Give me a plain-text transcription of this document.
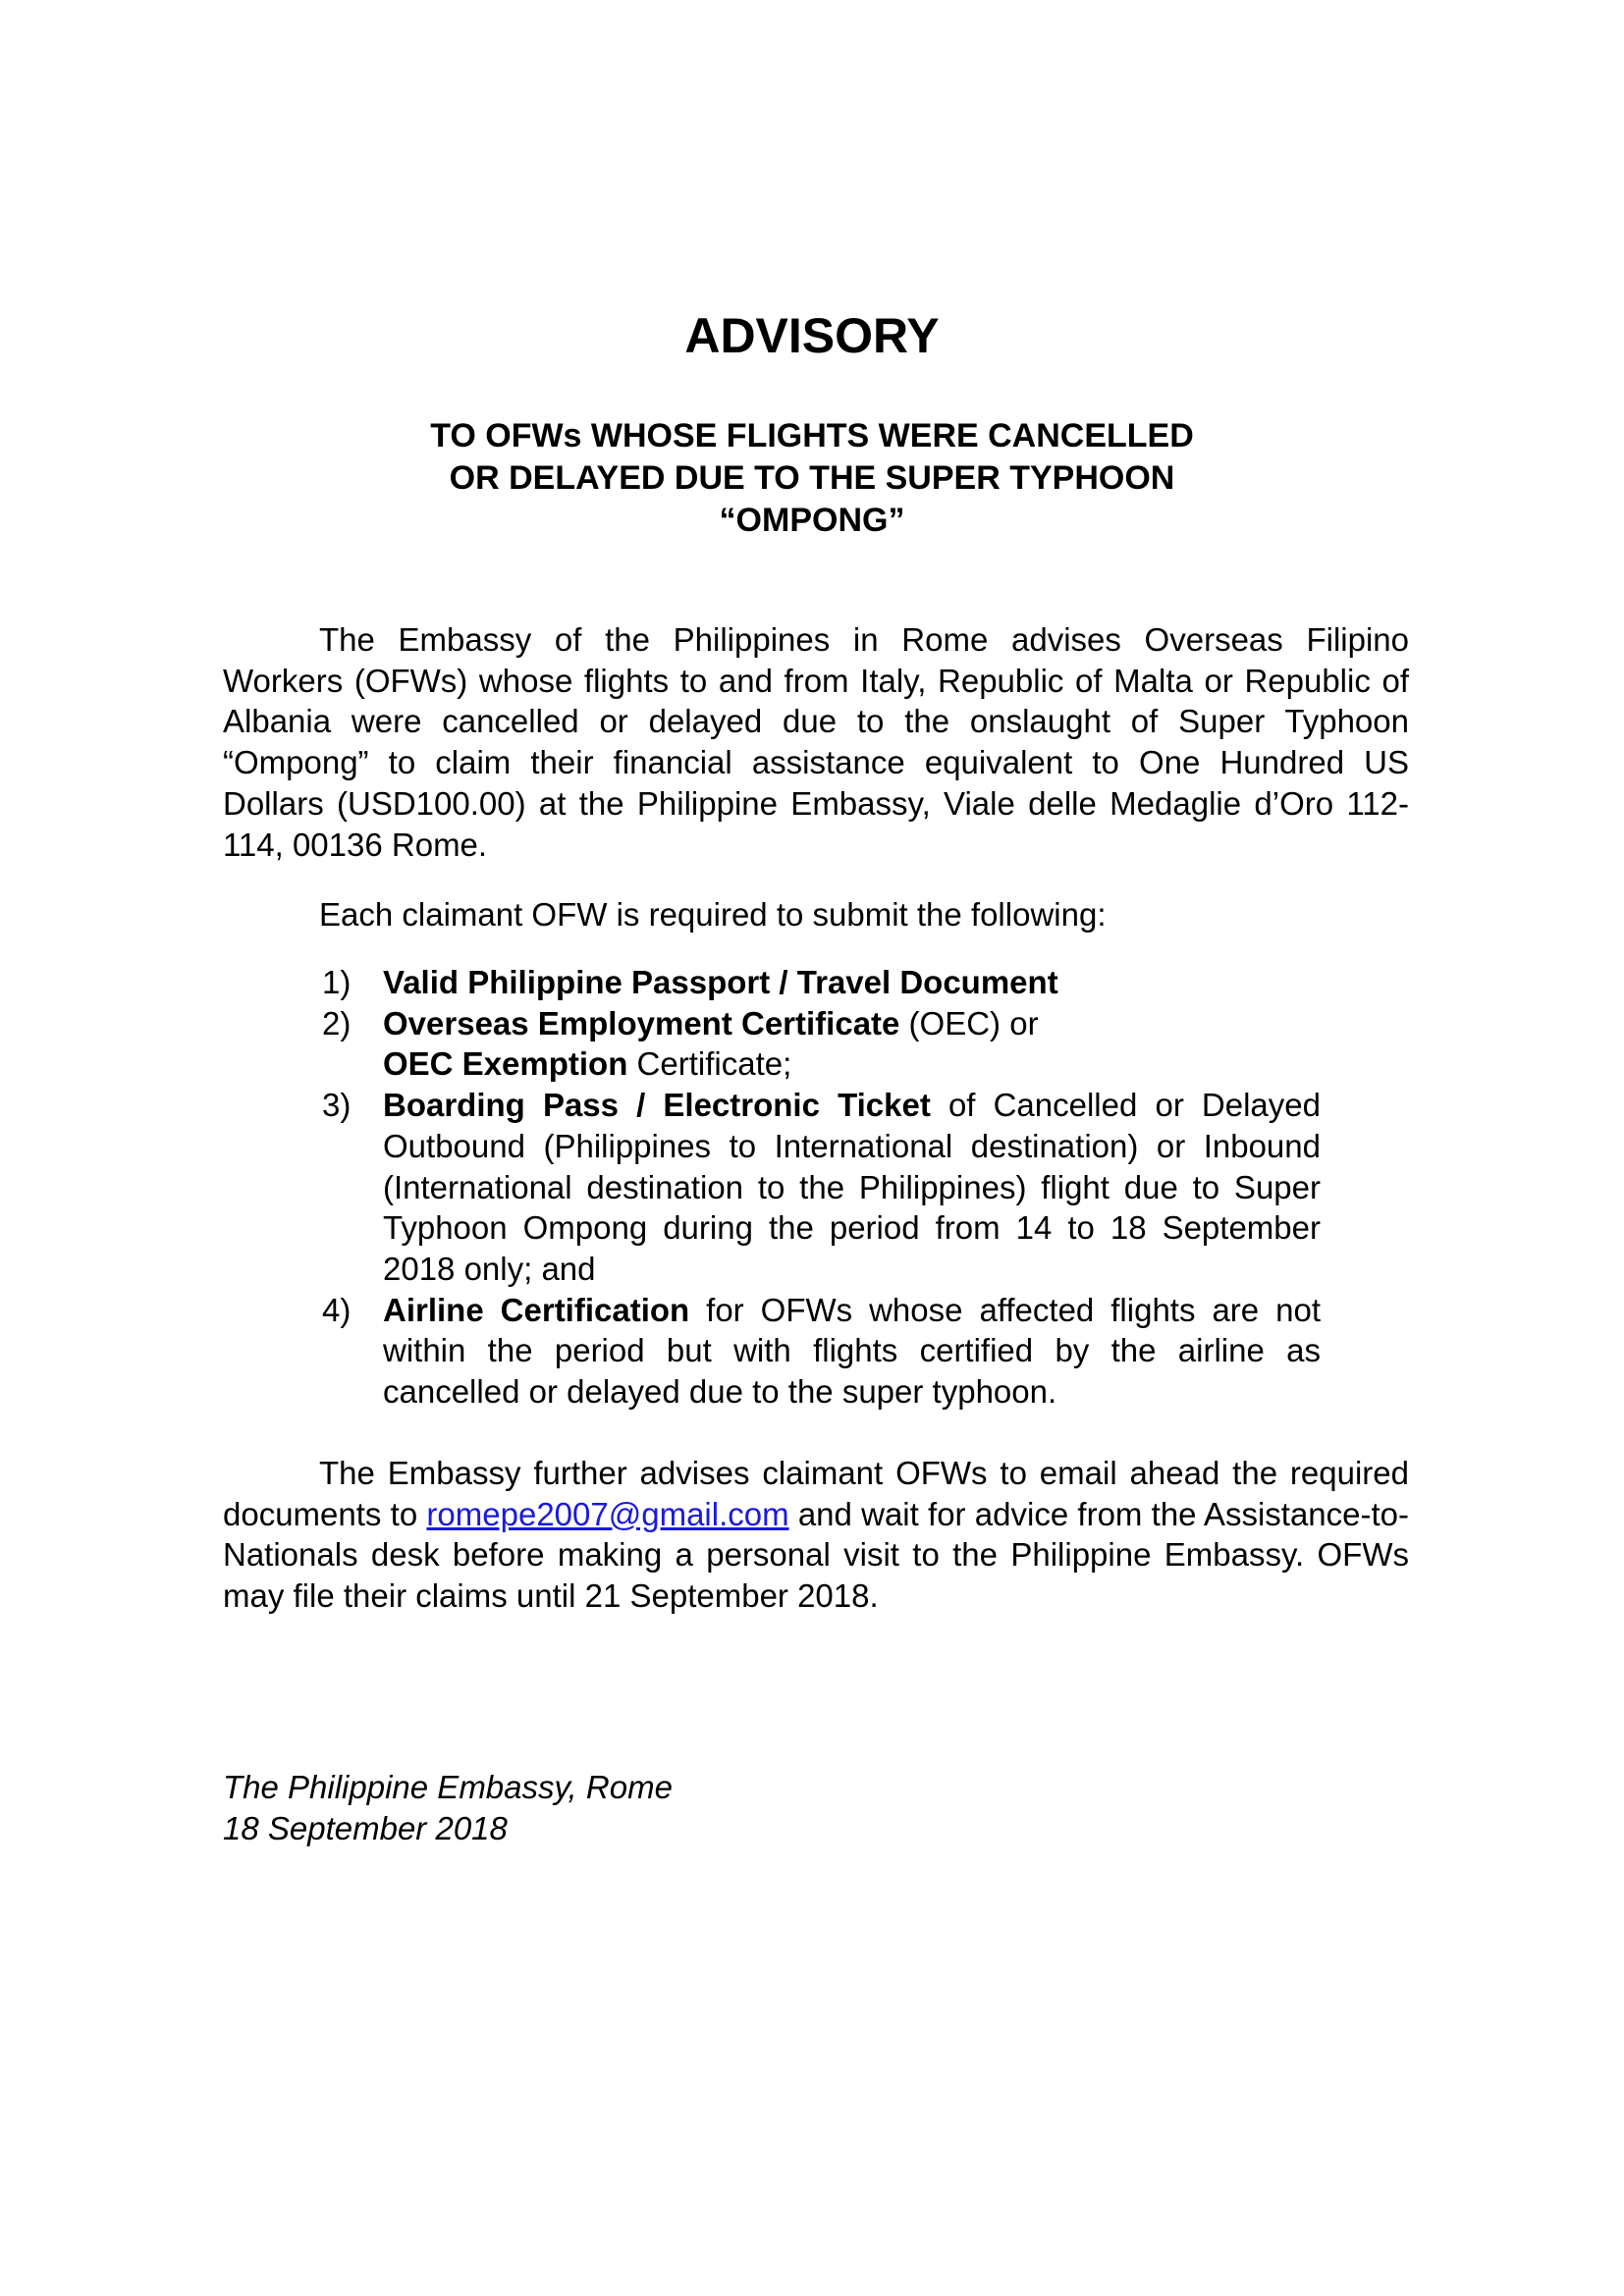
ADVISORY
TO OFWs WHOSE FLIGHTS WERE CANCELLED
OR DELAYED DUE TO THE SUPER TYPHOON
“OMPONG”
The Embassy of the Philippines in Rome advises Overseas Filipino Workers (OFWs) whose flights to and from Italy, Republic of Malta or Republic of Albania were cancelled or delayed due to the onslaught of Super Typhoon “Ompong” to claim their financial assistance equivalent to One Hundred US Dollars (USD100.00) at the Philippine Embassy, Viale delle Medaglie d’Oro 112-114, 00136 Rome.
Each claimant OFW is required to submit the following:
1) Valid Philippine Passport / Travel Document
2) Overseas Employment Certificate (OEC) or
OEC Exemption Certificate;
3) Boarding Pass / Electronic Ticket of Cancelled or Delayed Outbound (Philippines to International destination) or Inbound (International destination to the Philippines) flight due to Super Typhoon Ompong during the period from 14 to 18 September 2018 only; and
4) Airline Certification for OFWs whose affected flights are not within the period but with flights certified by the airline as cancelled or delayed due to the super typhoon.
The Embassy further advises claimant OFWs to email ahead the required documents to romepe2007@gmail.com and wait for advice from the Assistance-to-Nationals desk before making a personal visit to the Philippine Embassy. OFWs may file their claims until 21 September 2018.
The Philippine Embassy, Rome
18 September 2018
